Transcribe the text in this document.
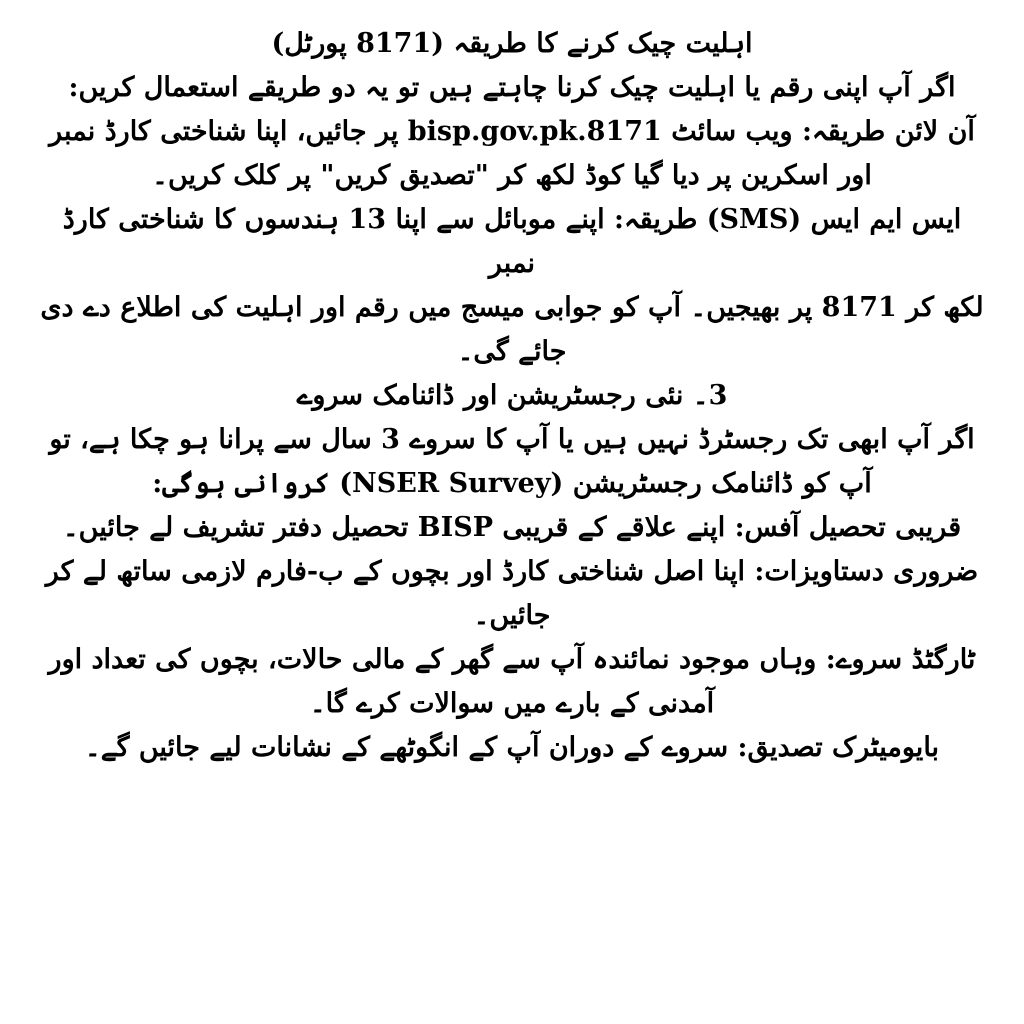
اہلیت چیک کرنے کا طریقہ (8171 پورٹل)

اگر آپ اپنی رقم یا اہلیت چیک کرنا چاہتے ہیں تو یہ دو طریقے استعمال کریں:

آن لائن طریقہ: ویب سائٹ 8171.bisp.gov.pk پر جائیں، اپنا شناختی کارڈ نمبر
اور اسکرین پر دیا گیا کوڈ لکھ کر "تصدیق کریں" پر کلک کریں۔

ایس ایم ایس (SMS) طریقہ: اپنے موبائل سے اپنا 13 ہندسوں کا شناختی کارڈ نمبر
لکھ کر 8171 پر بھیجیں۔ آپ کو جوابی میسج میں رقم اور اہلیت کی اطلاع دے دی
جائے گی۔

3۔ نئی رجسٹریشن اور ڈائنامک سروے

اگر آپ ابھی تک رجسٹرڈ نہیں ہیں یا آپ کا سروے 3 سال سے پرانا ہو چکا ہے، تو
آپ کو ڈائنامک رجسٹریشن (NSER Survey) کروانی ہوگی:

قریبی تحصیل آفس: اپنے علاقے کے قریبی BISP تحصیل دفتر تشریف لے جائیں۔

ضروری دستاویزات: اپنا اصل شناختی کارڈ اور بچوں کے ب-فارم لازمی ساتھ لے کر
جائیں۔

ٹارگٹڈ سروے: وہاں موجود نمائندہ آپ سے گھر کے مالی حالات، بچوں کی تعداد اور
آمدنی کے بارے میں سوالات کرے گا۔

بایومیٹرک تصدیق: سروے کے دوران آپ کے انگوٹھے کے نشانات لیے جائیں گے۔
